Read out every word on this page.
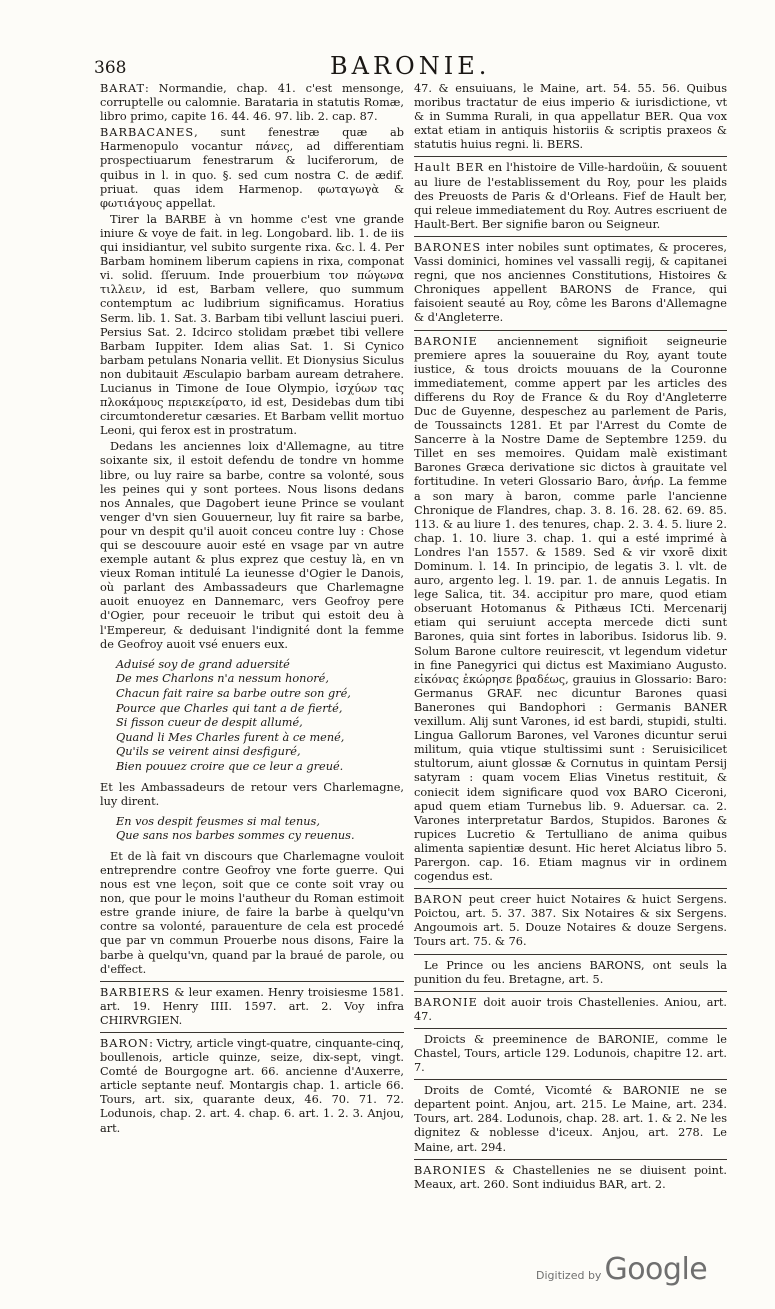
368	BARONIE.

BARAT: Normandie, chap. 41. c'est mensonge, corruptelle ou calomnie. Barataria in statutis Romæ, libro primo, capite 16. 44. 46. 97. lib. 2. cap. 87.

BARBACANES, sunt fenestræ quæ ab Harmenopulo vocantur πάνες, ad differentiam prospectiuarum fenestrarum & luciferorum, de quibus in l. in quo. §. sed cum nostra C. de ædif. priuat. quas idem Harmenop. φωταγωγὰ & φωτιάγους appellat.

Tirer la BARBE à vn homme c'est vne grande iniure & voye de fait. in leg. Longobard. lib. 1. de iis qui insidiantur, vel subito surgente rixa. &c. l. 4. Per Barbam hominem liberum capiens in rixa, componat vi. solid. ſſeruum. Inde prouerbium τον πώγωνα τιλλειν, id est, Barbam vellere, quo summum contemptum ac ludibrium significamus. Horatius Serm. lib. 1. Sat. 3. Barbam tibi vellunt lasciui pueri. Persius Sat. 2. Idcirco stolidam præbet tibi vellere Barbam Iuppiter. Idem alias Sat. 1. Si Cynico barbam petulans Nonaria vellit. Et Dionysius Siculus non dubitauit Æsculapio barbam auream detrahere. Lucianus in Timone de Ioue Olympio, ἰσχύων τας πλοκάμους περιεκείρατο, id est, Desidebas dum tibi circumtonderetur cæsaries. Et Barbam vellit mortuo Leoni, qui ferox est in prostratum.

Dedans les anciennes loix d'Allemagne, au titre soixante six, il estoit defendu de tondre vn homme libre, ou luy raire sa barbe, contre sa volonté, sous les peines qui y sont portees. Nous lisons dedans nos Annales, que Dagobert ieune Prince se voulant venger d'vn sien Gouuerneur, luy fit raire sa barbe, pour vn despit qu'il auoit conceu contre luy : Chose qui se descouure auoir esté en vsage par vn autre exemple autant & plus exprez que cestuy là, en vn vieux Roman intitulé La ieunesse d'Ogier le Danois, où parlant des Ambassadeurs que Charlemagne auoit enuoyez en Dannemarc, vers Geofroy pere d'Ogier, pour receuoir le tribut qui estoit deu à l'Empereur, & deduisant l'indignité dont la femme de Geofroy auoit vsé enuers eux.

Aduisé soy de grand aduersité
De mes Charlons n'a nessum honoré,
Chacun fait raire sa barbe outre son gré,
Pource que Charles qui tant a de fierté,
Si fisson cueur de despit allumé,
Quand li Mes Charles furent à ce mené,
Qu'ils se veirent ainsi desfiguré,
Bien pouuez croire que ce leur a greué.

Et les Ambassadeurs de retour vers Charlemagne, luy dirent.

En vos despit feusmes si mal tenus,
Que sans nos barbes sommes cy reuenus.

Et de là fait vn discours que Charlemagne vouloit entreprendre contre Geofroy vne forte guerre. Qui nous est vne leçon, soit que ce conte soit vray ou non, que pour le moins l'autheur du Roman estimoit estre grande iniure, de faire la barbe à quelqu'vn contre sa volonté, parauenture de cela est procedé que par vn commun Prouerbe nous disons, Faire la barbe à quelqu'vn, quand par la braué de parole, ou d'effect.

BARBIERS & leur examen. Henry troisiesme 1581. art. 19. Henry IIII. 1597. art. 2. Voy infra CHIRVRGIEN.

BARON: Victry, article vingt-quatre, cinquante-cinq, boullenois, article quinze, seize, dix-sept, vingt. Comté de Bourgogne art. 66. ancienne d'Auxerre, article septante neuf. Montargis chap. 1. article 66. Tours, art. six, quarante deux, 46. 70. 71. 72. Lodunois, chap. 2. art. 4. chap. 6. art. 1. 2. 3. Anjou, art.

47. & ensuiuans, le Maine, art. 54. 55. 56. Quibus moribus tractatur de eius imperio & iurisdictione, vt & in Summa Rurali, in qua appellatur BER. Qua vox extat etiam in antiquis historiis & scriptis praxeos & statutis huius regni. li. BERS.

Hault BER en l'histoire de Ville-hardoüin, & souuent au liure de l'establissement du Roy, pour les plaids des Preuosts de Paris & d'Orleans. Fief de Hault ber, qui releue immediatement du Roy. Autres escriuent de Hault-Bert. Ber signifie baron ou Seigneur.

BARONES inter nobiles sunt optimates, & proceres, Vassi dominici, homines vel vassalli regij, & capitanei regni, que nos anciennes Constitutions, Histoires & Chroniques appellent BARONS de France, qui faisoient seauté au Roy, côme les Barons d'Allemagne & d'Angleterre.

BARONIE anciennement signifioit seigneurie premiere apres la souueraine du Roy, ayant toute iustice, & tous droicts mouuans de la Couronne immediatement, comme appert par les articles des differens du Roy de France & du Roy d'Angleterre Duc de Guyenne, despeschez au parlement de Paris, de Toussaincts 1281. Et par l'Arrest du Comte de Sancerre à la Nostre Dame de Septembre 1259. du Tillet en ses memoires. Quidam malè existimant Barones Græca derivatione sic dictos à grauitate vel fortitudine. In veteri Glossario Baro, ἀνήρ. La femme a son mary à baron, comme parle l'ancienne Chronique de Flandres, chap. 3. 8. 16. 28. 62. 69. 85. 113. & au liure 1. des tenures, chap. 2. 3. 4. 5. liure 2. chap. 1. 10. liure 3. chap. 1. qui a esté imprimé à Londres l'an 1557. & 1589. Sed & vir vxorē dixit Dominum. l. 14. In principio, de legatis 3. l. vlt. de auro, argento leg. l. 19. par. 1. de annuis Legatis. In lege Salica, tit. 34. accipitur pro mare, quod etiam obseruant Hotomanus & Pithæus ICti. Mercenarij etiam qui seruiunt accepta mercede dicti sunt Barones, quia sint fortes in laboribus. Isidorus lib. 9. Solum Barone cultore reuirescit, vt legendum videtur in fine Panegyrici qui dictus est Maximiano Augusto. εἰκόνας ἐκώρησε βραδέως, grauius in Glossario: Baro: Germanus GRAF. nec dicuntur Barones quasi Banerones qui Bandophori : Germanis BANER vexillum. Alij sunt Varones, id est bardi, stupidi, stulti. Lingua Gallorum Barones, vel Varones dicuntur serui militum, quia vtique stultissimi sunt : Seruisicilicet stultorum, aiunt glossæ & Cornutus in quintam Persij satyram : quam vocem Elias Vinetus restituit, & coniecit idem significare quod vox BARO Ciceroni, apud quem etiam Turnebus lib. 9. Aduersar. ca. 2. Varones interpretatur Bardos, Stupidos. Barones & rupices Lucretio & Tertulliano de anima quibus alimenta sapientiæ desunt. Hic heret Alciatus libro 5. Parergon. cap. 16. Etiam magnus vir in ordinem cogendus est.

BARON peut creer huict Notaires & huict Sergens. Poictou, art. 5. 37. 387. Six Notaires & six Sergens. Angoumois art. 5. Douze Notaires & douze Sergens. Tours art. 75. & 76.

Le Prince ou les anciens BARONS, ont seuls la punition du feu. Bretagne, art. 5.

BARONIE doit auoir trois Chastellenies. Aniou, art. 47.

Droicts & preeminence de BARONIE, comme le Chastel, Tours, article 129. Lodunois, chapitre 12. art. 7.

Droits de Comté, Vicomté & BARONIE ne se departent point. Anjou, art. 215. Le Maine, art. 234. Tours, art. 284. Lodunois, chap. 28. art. 1. & 2. Ne les dignitez & noblesse d'iceux. Anjou, art. 278. Le Maine, art. 294.

BARONIES & Chastellenies ne se diuisent point. Meaux, art. 260. Sont indiuidus BAR, art. 2.

Digitized by Google
